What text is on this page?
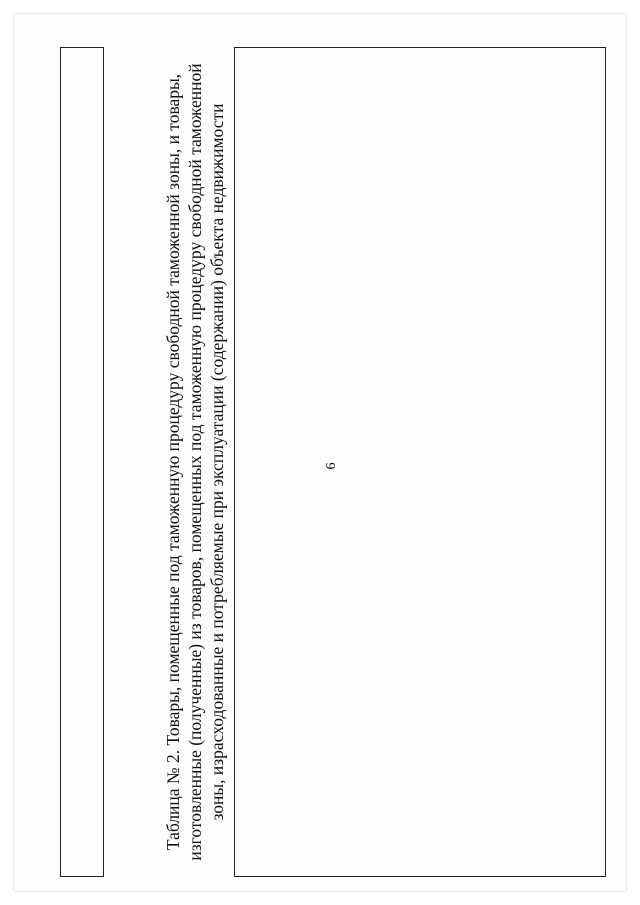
6
Таблица № 2. Товары, помещенные под таможенную процедуру свободной таможенной зоны, и товары, изготовленные (полученные) из товаров, помещенных под таможенную процедуру свободной таможенной зоны, израсходованные и потребляемые при эксплуатации (содержании) объекта недвижимости
